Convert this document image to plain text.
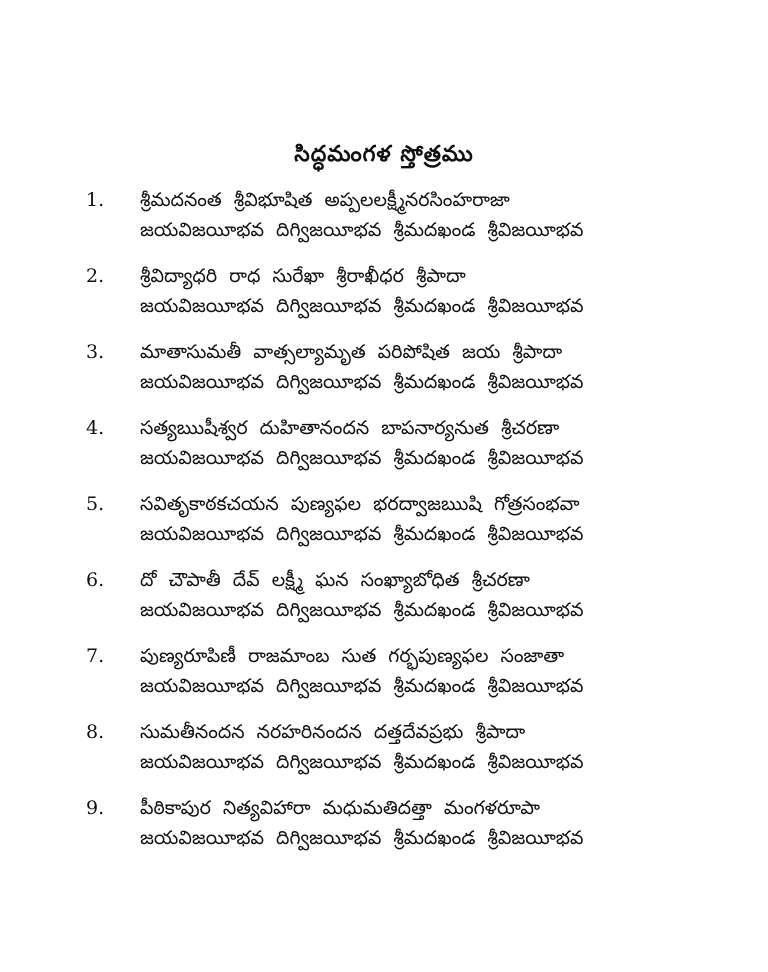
సిద్ధమంగళ స్తోత్రము
1. శ్రీమదనంత శ్రీవిభూషిత అప్పలలక్ష్మీనరసింహరాజా
జయవిజయీభవ దిగ్విజయీభవ శ్రీమదఖండ శ్రీవిజయీభవ
2. శ్రీవిద్యాధరి రాధ సురేఖా శ్రీరాఖీధర శ్రీపాదా
జయవిజయీభవ దిగ్విజయీభవ శ్రీమదఖండ శ్రీవిజయీభవ
3. మాతాసుమతీ వాత్సల్యామృత పరిపోషిత జయ శ్రీపాదా
జయవిజయీభవ దిగ్విజయీభవ శ్రీమదఖండ శ్రీవిజయీభవ
4. సత్యఋషీశ్వర దుహితానందన బాపనార్యనుత శ్రీచరణా
జయవిజయీభవ దిగ్విజయీభవ శ్రీమదఖండ శ్రీవిజయీభవ
5. సవితృకాఠకచయన పుణ్యఫల భరద్వాజఋషి గోత్రసంభవా
జయవిజయీభవ దిగ్విజయీభవ శ్రీమదఖండ శ్రీవిజయీభవ
6. దో చౌపాతీ దేవ్ లక్ష్మీ ఘన సంఖ్యాబోధిత శ్రీచరణా
జయవిజయీభవ దిగ్విజయీభవ శ్రీమదఖండ శ్రీవిజయీభవ
7. పుణ్యరూపిణీ రాజమాంబ సుత గర్భపుణ్యఫల సంజాతా
జయవిజయీభవ దిగ్విజయీభవ శ్రీమదఖండ శ్రీవిజయీభవ
8. సుమతీనందన నరహరినందన దత్తదేవప్రభు శ్రీపాదా
జయవిజయీభవ దిగ్విజయీభవ శ్రీమదఖండ శ్రీవిజయీభవ
9. పీఠికాపుర నిత్యవిహారా మధుమతిదత్తా మంగళరూపా
జయవిజయీభవ దిగ్విజయీభవ శ్రీమదఖండ శ్రీవిజయీభవ
